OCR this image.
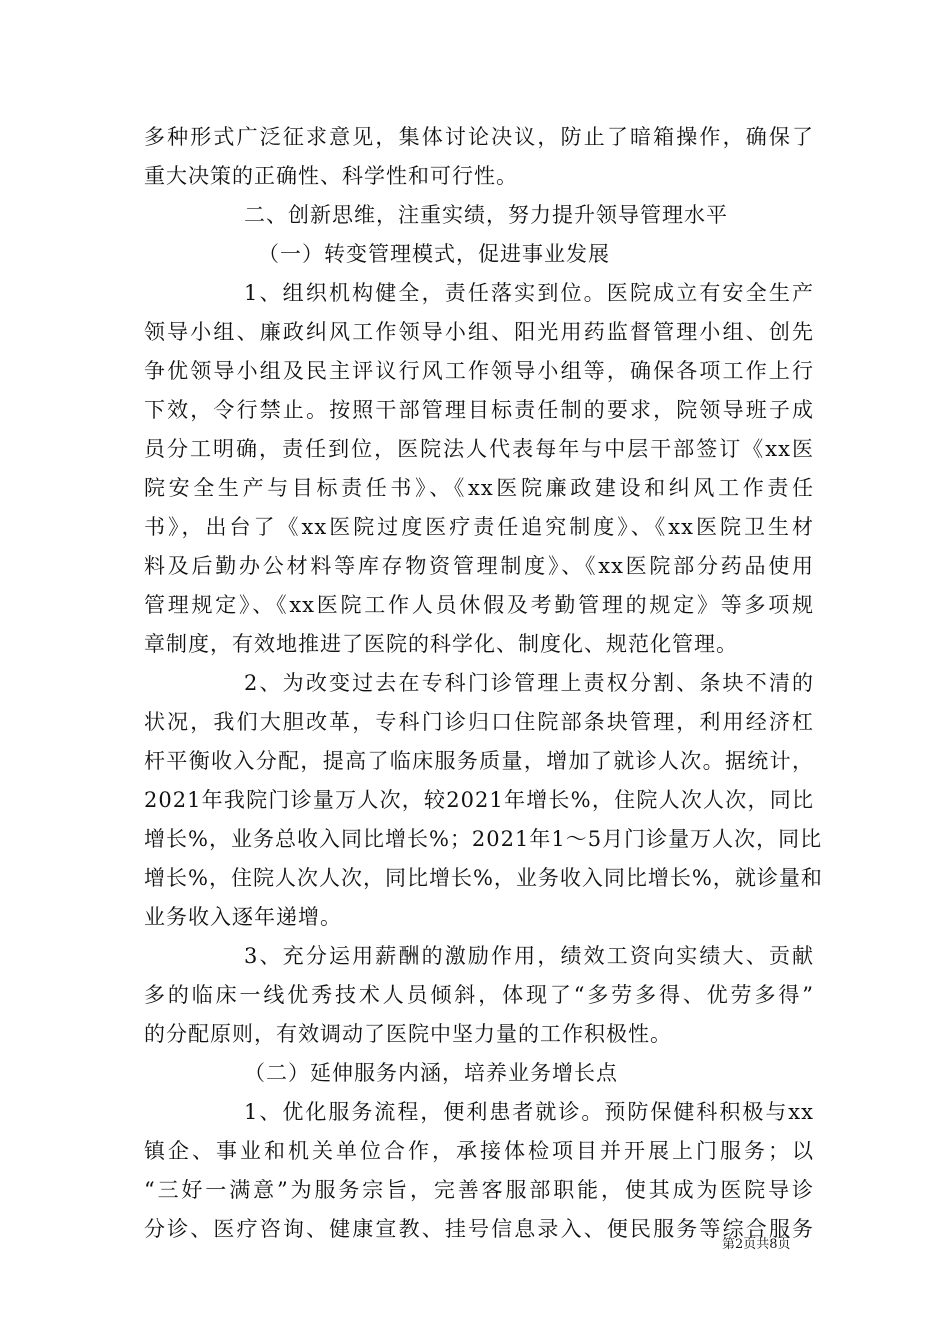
多种形式广泛征求意见，集体讨论决议，防止了暗箱操作，确保了
重大决策的正确性、科学性和可行性。
二、创新思维，注重实绩，努力提升领导管理水平
（一）转变管理模式，促进事业发展
1、组织机构健全，责任落实到位。医院成立有安全生产
领导小组、廉政纠风工作领导小组、阳光用药监督管理小组、创先
争优领导小组及民主评议行风工作领导小组等，确保各项工作上行
下效，令行禁止。按照干部管理目标责任制的要求，院领导班子成
员分工明确，责任到位，医院法人代表每年与中层干部签订《xx医
院安全生产与目标责任书》、《xx医院廉政建设和纠风工作责任
书》，出台了《xx医院过度医疗责任追究制度》、《xx医院卫生材
料及后勤办公材料等库存物资管理制度》、《xx医院部分药品使用
管理规定》、《xx医院工作人员休假及考勤管理的规定》等多项规
章制度，有效地推进了医院的科学化、制度化、规范化管理。
2、为改变过去在专科门诊管理上责权分割、条块不清的
状况，我们大胆改革，专科门诊归口住院部条块管理，利用经济杠
杆平衡收入分配，提高了临床服务质量，增加了就诊人次。据统计，
2021年我院门诊量万人次，较2021年增长%，住院人次人次，同比
增长%，业务总收入同比增长%；2021年1～5月门诊量万人次，同比
增长%，住院人次人次，同比增长%，业务收入同比增长%，就诊量和
业务收入逐年递增。
3、充分运用薪酬的激励作用，绩效工资向实绩大、贡献
多的临床一线优秀技术人员倾斜，体现了“多劳多得、优劳多得”
的分配原则，有效调动了医院中坚力量的工作积极性。
（二）延伸服务内涵，培养业务增长点
1、优化服务流程，便利患者就诊。预防保健科积极与xx
镇企、事业和机关单位合作，承接体检项目并开展上门服务；以
“三好一满意”为服务宗旨，完善客服部职能，使其成为医院导诊
分诊、医疗咨询、健康宣教、挂号信息录入、便民服务等综合服务
第2页共8页
